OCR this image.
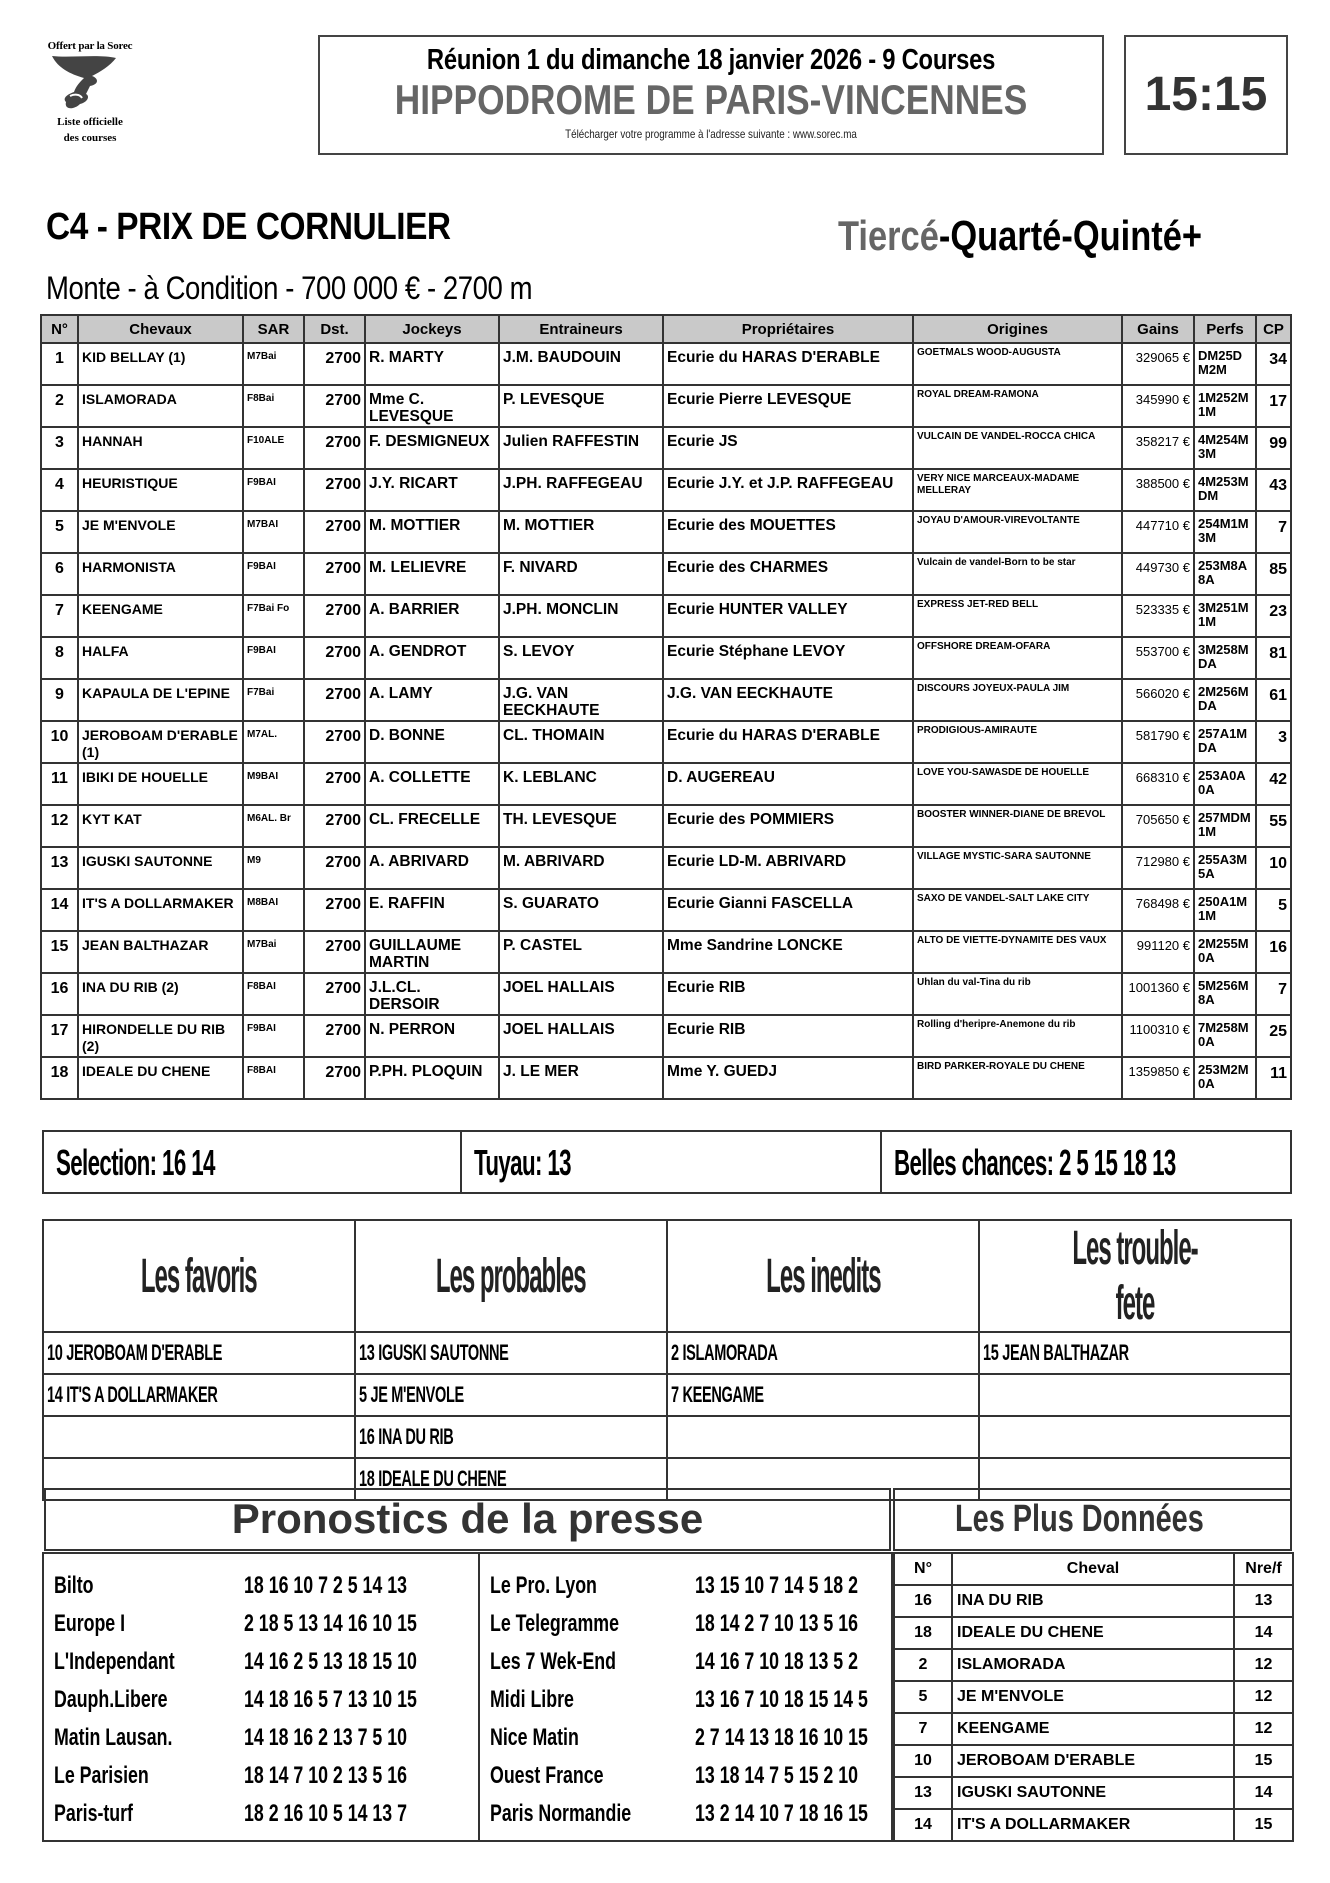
Offert par la Sorec
Liste officielle
des courses
Réunion 1 du dimanche 18 janvier 2026 - 9 Courses
HIPPODROME DE PARIS-VINCENNES
Télécharger votre programme à l'adresse suivante : www.sorec.ma
15:15
C4 - PRIX DE CORNULIER	Tiercé-Quarté-Quinté+
Monte - à Condition - 700 000 € - 2700 m
N°	Chevaux	SAR	Dst.	Jockeys	Entraineurs	Propriétaires	Origines	Gains	Perfs	CP
1	KID BELLAY (1)	M7Bai	2700	R. MARTY	J.M. BAUDOUIN	Ecurie du HARAS D'ERABLE	GOETMALS WOOD-AUGUSTA	329065 €	DM25D M2M	34
2	ISLAMORADA	F8Bai	2700	Mme C. LEVESQUE	P. LEVESQUE	Ecurie Pierre LEVESQUE	ROYAL DREAM-RAMONA	345990 €	1M252M 1M	17
3	HANNAH	F10ALE	2700	F. DESMIGNEUX	Julien RAFFESTIN	Ecurie JS	VULCAIN DE VANDEL-ROCCA CHICA	358217 €	4M254M 3M	99
4	HEURISTIQUE	F9BAI	2700	J.Y. RICART	J.PH. RAFFEGEAU	Ecurie J.Y. et J.P. RAFFEGEAU	VERY NICE MARCEAUX-MADAME MELLERAY	388500 €	4M253M DM	43
5	JE M'ENVOLE	M7BAI	2700	M. MOTTIER	M. MOTTIER	Ecurie des MOUETTES	JOYAU D'AMOUR-VIREVOLTANTE	447710 €	254M1M 3M	7
6	HARMONISTA	F9BAI	2700	M. LELIEVRE	F. NIVARD	Ecurie des CHARMES	Vulcain de vandel-Born to be star	449730 €	253M8A 8A	85
7	KEENGAME	F7Bai Fo	2700	A. BARRIER	J.PH. MONCLIN	Ecurie HUNTER VALLEY	EXPRESS JET-RED BELL	523335 €	3M251M 1M	23
8	HALFA	F9BAI	2700	A. GENDROT	S. LEVOY	Ecurie Stéphane LEVOY	OFFSHORE DREAM-OFARA	553700 €	3M258M DA	81
9	KAPAULA DE L'EPINE	F7Bai	2700	A. LAMY	J.G. VAN EECKHAUTE	J.G. VAN EECKHAUTE	DISCOURS JOYEUX-PAULA JIM	566020 €	2M256M DA	61
10	JEROBOAM D'ERABLE (1)	M7AL.	2700	D. BONNE	CL. THOMAIN	Ecurie du HARAS D'ERABLE	PRODIGIOUS-AMIRAUTE	581790 €	257A1M DA	3
11	IBIKI DE HOUELLE	M9BAI	2700	A. COLLETTE	K. LEBLANC	D. AUGEREAU	LOVE YOU-SAWASDE DE HOUELLE	668310 €	253A0A 0A	42
12	KYT KAT	M6AL. Br	2700	CL. FRECELLE	TH. LEVESQUE	Ecurie des POMMIERS	BOOSTER WINNER-DIANE DE BREVOL	705650 €	257MDM 1M	55
13	IGUSKI SAUTONNE	M9	2700	A. ABRIVARD	M. ABRIVARD	Ecurie LD-M. ABRIVARD	VILLAGE MYSTIC-SARA SAUTONNE	712980 €	255A3M 5A	10
14	IT'S A DOLLARMAKER	M8BAI	2700	E. RAFFIN	S. GUARATO	Ecurie Gianni FASCELLA	SAXO DE VANDEL-SALT LAKE CITY	768498 €	250A1M 1M	5
15	JEAN BALTHAZAR	M7Bai	2700	GUILLAUME MARTIN	P. CASTEL	Mme Sandrine LONCKE	ALTO DE VIETTE-DYNAMITE DES VAUX	991120 €	2M255M 0A	16
16	INA DU RIB (2)	F8BAI	2700	J.L.CL. DERSOIR	JOEL HALLAIS	Ecurie RIB	Uhlan du val-Tina du rib	1001360 €	5M256M 8A	7
17	HIRONDELLE DU RIB (2)	F9BAI	2700	N. PERRON	JOEL HALLAIS	Ecurie RIB	Rolling d'heripre-Anemone du rib	1100310 €	7M258M 0A	25
18	IDEALE DU CHENE	F8BAI	2700	P.PH. PLOQUIN	J. LE MER	Mme Y. GUEDJ	BIRD PARKER-ROYALE DU CHENE	1359850 €	253M2M 0A	11
Selection: 16 14	Tuyau: 13	Belles chances: 2 5 15 18 13
Les favoris	Les probables	Les inedits	Les trouble-fete
10 JEROBOAM D'ERABLE	13 IGUSKI SAUTONNE	2 ISLAMORADA	15 JEAN BALTHAZAR
14 IT'S A DOLLARMAKER	5 JE M'ENVOLE	7 KEENGAME	
	16 INA DU RIB		
	18 IDEALE DU CHENE		
Pronostics de la presse
Bilto	18 16 10 7 2 5 14 13
Europe I	2 18 5 13 14 16 10 15
L'Independant	14 16 2 5 13 18 15 10
Dauph.Libere	14 18 16 5 7 13 10 15
Matin Lausan.	14 18 16 2 13 7 5 10
Le Parisien	18 14 7 10 2 13 5 16
Paris-turf	18 2 16 10 5 14 13 7
Le Pro. Lyon	13 15 10 7 14 5 18 2
Le Telegramme	18 14 2 7 10 13 5 16
Les 7 Wek-End	14 16 7 10 18 13 5 2
Midi Libre	13 16 7 10 18 15 14 5
Nice Matin	2 7 14 13 18 16 10 15
Ouest France	13 18 14 7 5 15 2 10
Paris Normandie	13 2 14 10 7 18 16 15
Les Plus Données
N°	Cheval	Nre/f
16	INA DU RIB	13
18	IDEALE DU CHENE	14
2	ISLAMORADA	12
5	JE M'ENVOLE	12
7	KEENGAME	12
10	JEROBOAM D'ERABLE	15
13	IGUSKI SAUTONNE	14
14	IT'S A DOLLARMAKER	15
